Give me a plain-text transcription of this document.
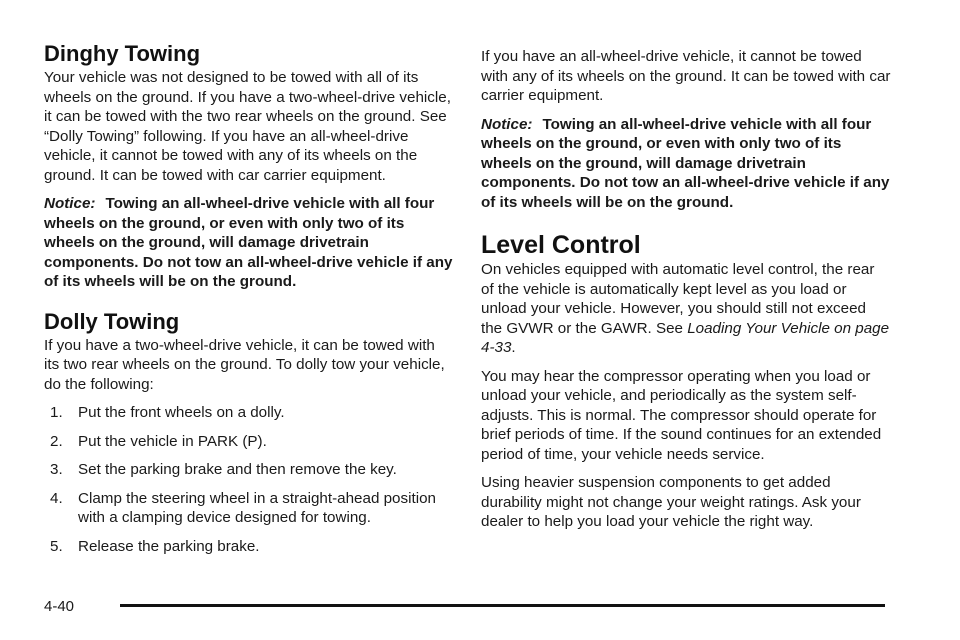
Dinghy Towing

Your vehicle was not designed to be towed with all of its wheels on the ground. If you have a two-wheel-drive vehicle, it can be towed with the two rear wheels on the ground. See “Dolly Towing” following. If you have an all-wheel-drive vehicle, it cannot be towed with any of its wheels on the ground. It can be towed with car carrier equipment.

Notice: Towing an all-wheel-drive vehicle with all four wheels on the ground, or even with only two of its wheels on the ground, will damage drivetrain components. Do not tow an all-wheel-drive vehicle if any of its wheels will be on the ground.

Dolly Towing

If you have a two-wheel-drive vehicle, it can be towed with its two rear wheels on the ground. To dolly tow your vehicle, do the following:

1.	Put the front wheels on a dolly.
2.	Put the vehicle in PARK (P).
3.	Set the parking brake and then remove the key.
4.	Clamp the steering wheel in a straight-ahead position with a clamping device designed for towing.
5.	Release the parking brake.

If you have an all-wheel-drive vehicle, it cannot be towed with any of its wheels on the ground. It can be towed with car carrier equipment.

Notice: Towing an all-wheel-drive vehicle with all four wheels on the ground, or even with only two of its wheels on the ground, will damage drivetrain components. Do not tow an all-wheel-drive vehicle if any of its wheels will be on the ground.

Level Control

On vehicles equipped with automatic level control, the rear of the vehicle is automatically kept level as you load or unload your vehicle. However, you should still not exceed the GVWR or the GAWR. See Loading Your Vehicle on page 4-33.

You may hear the compressor operating when you load or unload your vehicle, and periodically as the system self-adjusts. This is normal. The compressor should operate for brief periods of time. If the sound continues for an extended period of time, your vehicle needs service.

Using heavier suspension components to get added durability might not change your weight ratings. Ask your dealer to help you load your vehicle the right way.

4-40
